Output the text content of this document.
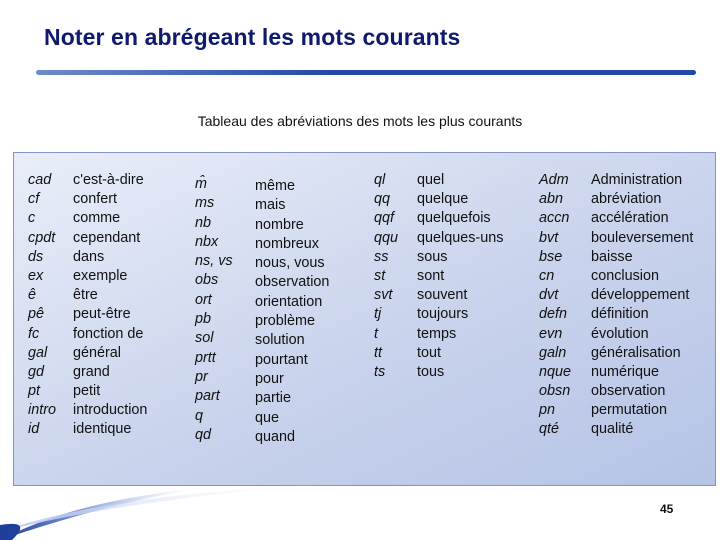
Noter en abrégeant les mots courants
Tableau des abréviations des mots les plus courants
cad
cf
c
cpdt
ds
ex
ê
pê
fc
gal
gd
pt
intro
id
c'est-à-dire
confert
comme
cependant
dans
exemple
être
peut-être
fonction de
général
grand
petit
introduction
identique
m̂
ms
nb
nbx
ns, vs
obs
ort
pb
sol
prtt
pr
part
q
qd
même
mais
nombre
nombreux
nous, vous
observation
orientation
problème
solution
pourtant
pour
partie
que
quand
ql
qq
qqf
qqu
ss
st
svt
tj
t
tt
ts
quel
quelque
quelquefois
quelques-uns
sous
sont
souvent
toujours
temps
tout
tous
Adm
abn
accn
bvt
bse
cn
dvt
defn
evn
galn
nque
obsn
pn
qté
Administration
abréviation
accélération
bouleversement
baisse
conclusion
développement
définition
évolution
généralisation
numérique
observation
permutation
qualité
45
